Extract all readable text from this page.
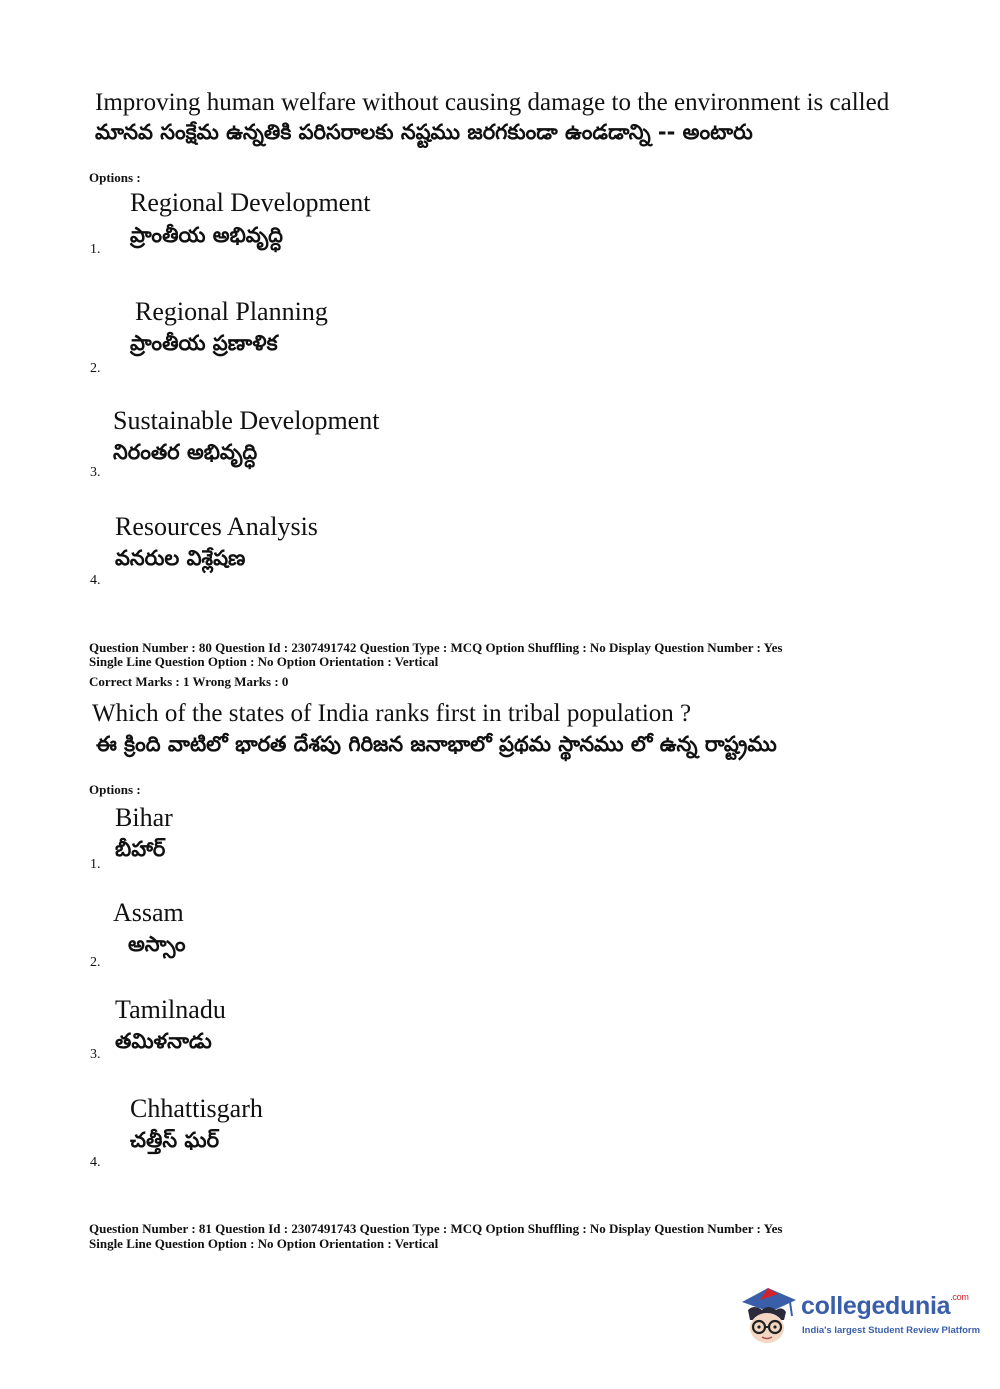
Improving human welfare without causing damage to the environment is called
మానవ సంక్షేమ ఉన్నతికి పరిసరాలకు నష్టము జరగకుండా ఉండడాన్ని -- అంటారు
Options :
Regional Development
ప్రాంతీయ అభివృద్ధి
1.
Regional Planning
ప్రాంతీయ ప్రణాళిక
2.
Sustainable Development
నిరంతర అభివృద్ధి
3.
Resources Analysis
వనరుల విశ్లేషణ
4.
Question Number : 80 Question Id : 2307491742 Question Type : MCQ Option Shuffling : No Display Question Number : Yes
Single Line Question Option : No Option Orientation : Vertical
Correct Marks : 1 Wrong Marks : 0
Which of the states of India ranks first in tribal population ?
ఈ క్రింది వాటిలో భారత దేశపు గిరిజన జనాభాలో ప్రథమ స్థానము లో ఉన్న రాష్ట్రము
Options :
Bihar
బీహార్
1.
Assam
అస్సాం
2.
Tamilnadu
తమిళనాడు
3.
Chhattisgarh
చత్తీస్ ఘర్
4.
Question Number : 81 Question Id : 2307491743 Question Type : MCQ Option Shuffling : No Display Question Number : Yes
Single Line Question Option : No Option Orientation : Vertical
collegedunia$^{.com}$
India's largest Student Review Platform
